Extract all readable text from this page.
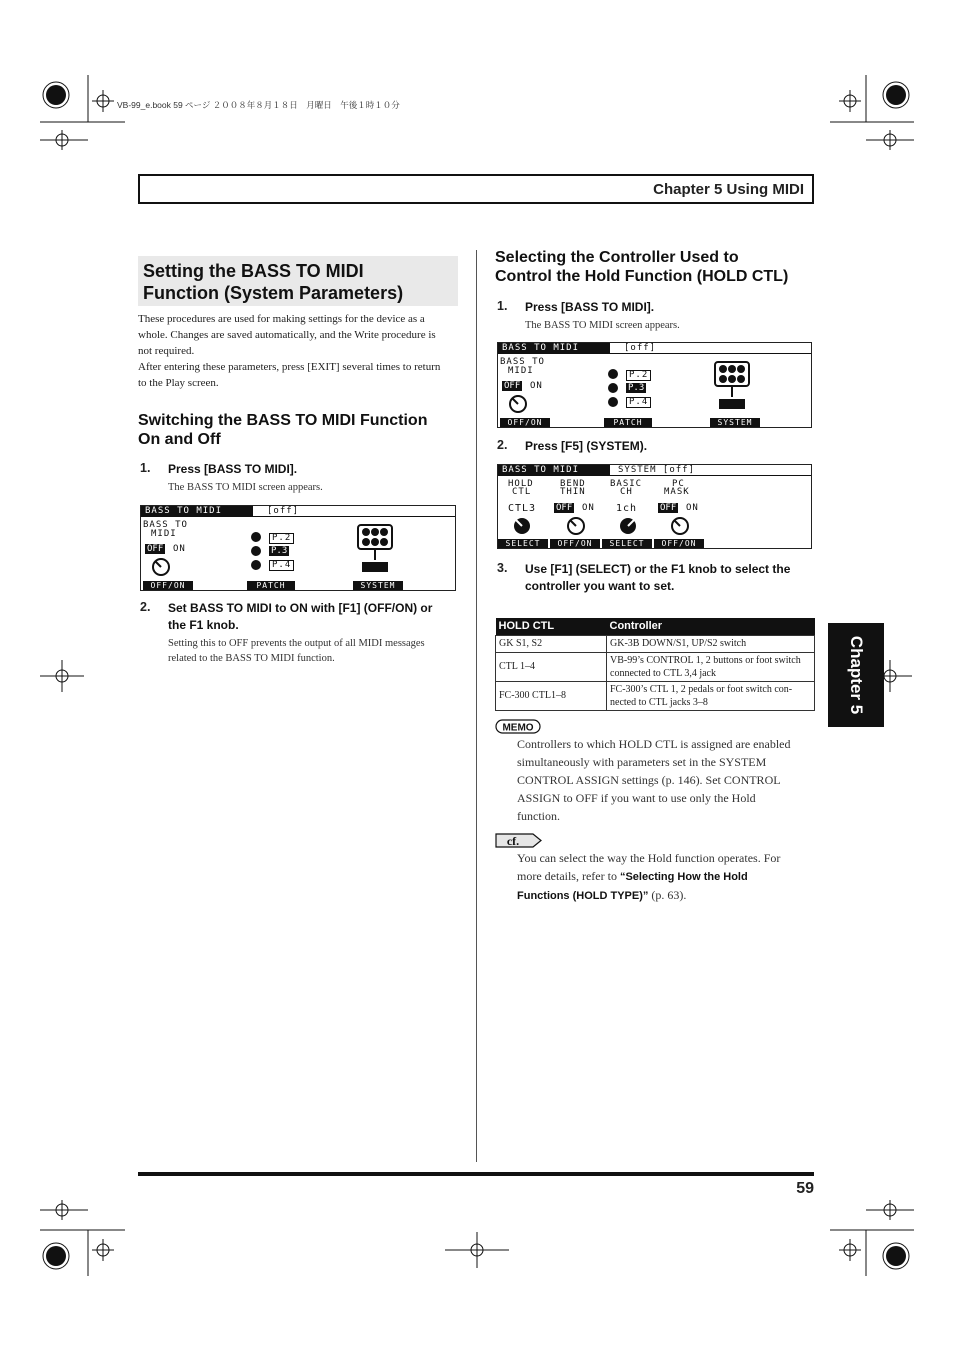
VB-99_e.book 59 ページ ２００８年８月１８日　月曜日　午後１時１０分
Chapter 5 Using MIDI
Chapter 5
Setting the BASS TO MIDI
Function (System Parameters)
These procedures are used for making settings for the device as a
whole. Changes are saved automatically, and the Write procedure is
not required.
After entering these parameters, press [EXIT] several times to return
to the Play screen.
Switching the BASS TO MIDI Function
On and Off
1. Press [BASS TO MIDI].
The BASS TO MIDI screen appears.
BASS TO MIDI	[off]
BASS TO
MIDI
OFF ON
P.2
P.3
P.4
OFF/ON	PATCH	SYSTEM
2. Set BASS TO MIDI to ON with [F1] (OFF/ON) or
the F1 knob.
Setting this to OFF prevents the output of all MIDI messages
related to the BASS TO MIDI function.
Selecting the Controller Used to
Control the Hold Function (HOLD CTL)
1. Press [BASS TO MIDI].
The BASS TO MIDI screen appears.
BASS TO MIDI	[off]
BASS TO
MIDI
OFF ON
P.2
P.3
P.4
OFF/ON	PATCH	SYSTEM
2. Press [F5] (SYSTEM).
BASS TO MIDI	SYSTEM [off]
HOLD
CTL
CTL3
BEND
THIN
OFF ON
BASIC
CH
1ch
PC
MASK
OFF ON
SELECT	OFF/ON	SELECT	OFF/ON
3. Use [F1] (SELECT) or the F1 knob to select the
controller you want to set.
HOLD CTL	Controller
GK S1, S2	GK-3B DOWN/S1, UP/S2 switch
CTL 1–4	VB-99’s CONTROL 1, 2 buttons or foot switch connected to CTL 3,4 jack
FC-300 CTL1–8	FC-300’s CTL 1, 2 pedals or foot switch con-nected to CTL jacks 3–8
MEMO
Controllers to which HOLD CTL is assigned are enabled
simultaneously with parameters set in the SYSTEM
CONTROL ASSIGN settings (p. 146). Set CONTROL
ASSIGN to OFF if you want to use only the Hold
function.
cf.
You can select the way the Hold function operates. For
more details, refer to “Selecting How the Hold
Functions (HOLD TYPE)” (p. 63).
59
